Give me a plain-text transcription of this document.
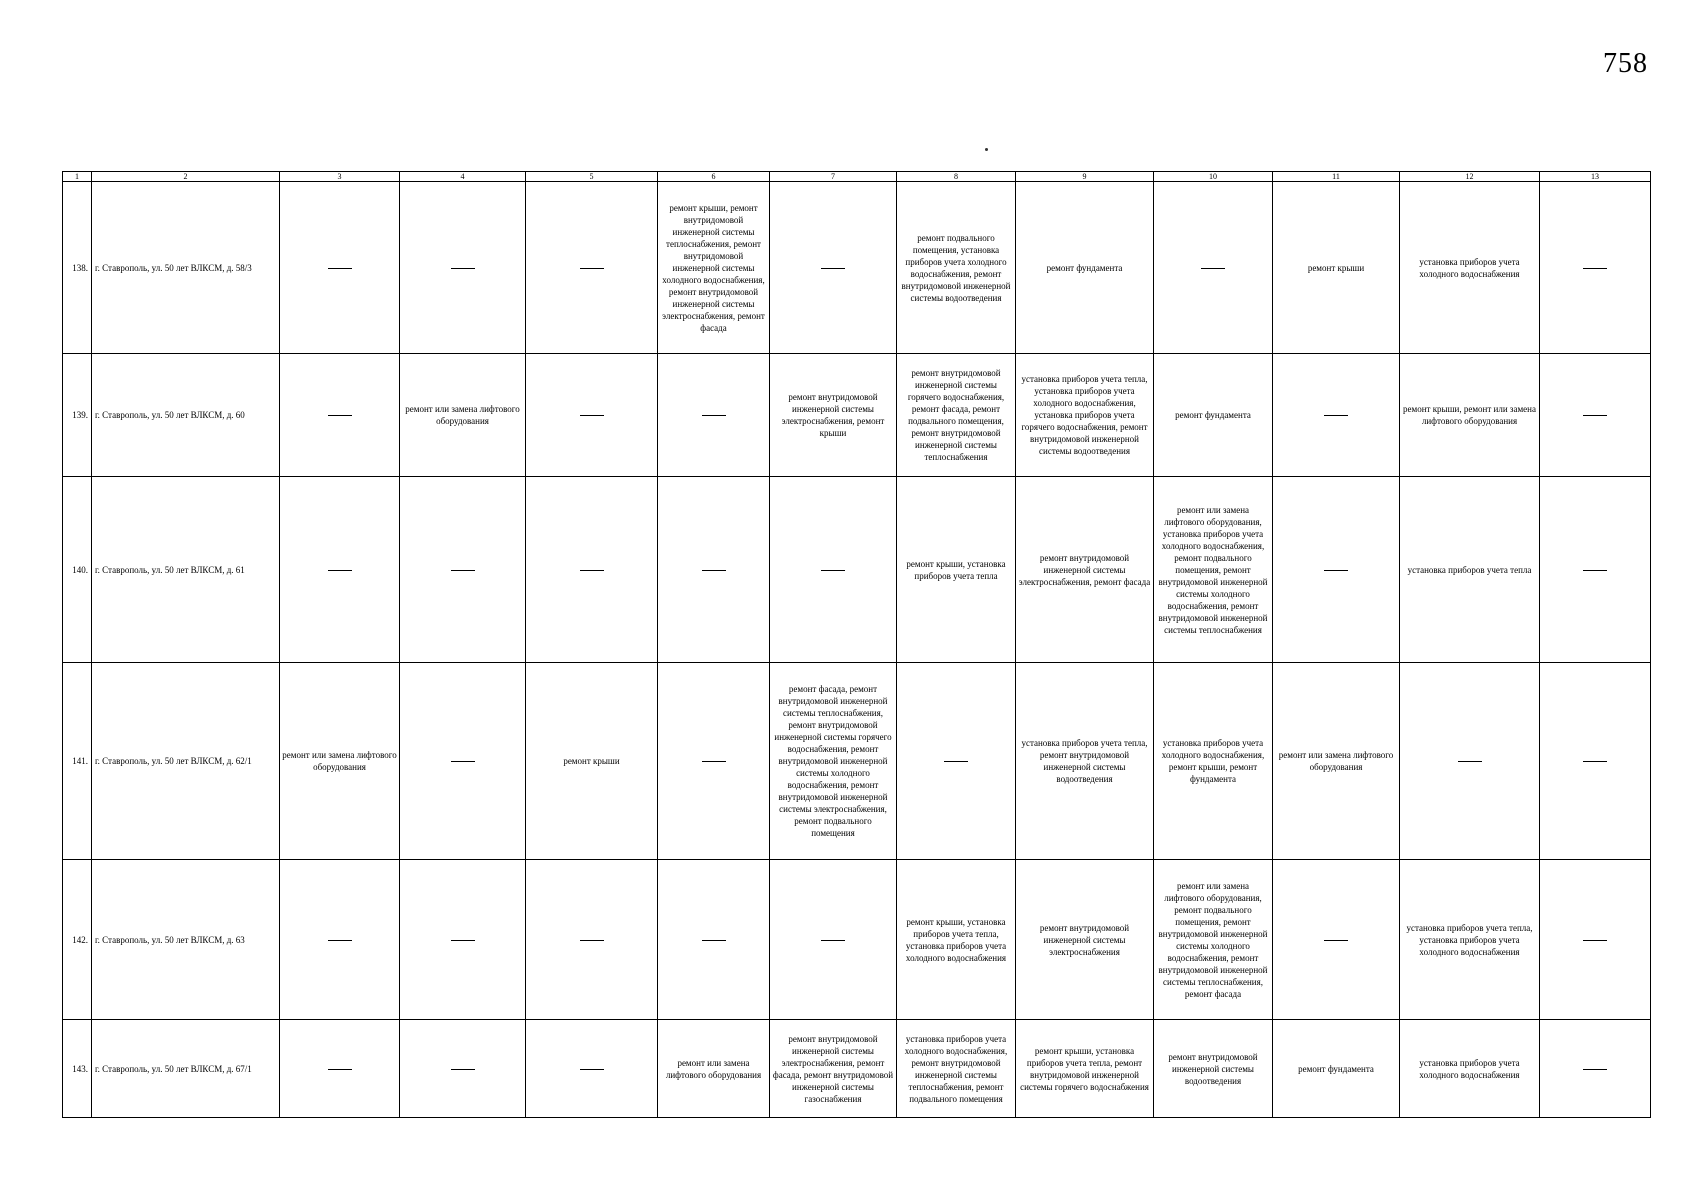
758
1	2	3	4	5	6	7	8	9	10	11	12	13
138.	г. Ставрополь, ул. 50 лет ВЛКСМ, д. 58/3				ремонт крыши, ремонт внутридомовой инженерной системы теплоснабжения, ремонт внутридомовой инженерной системы холодного водоснабжения, ремонт внутридомовой инженерной системы электроснабжения, ремонт фасада		ремонт подвального помещения, установка приборов учета холодного водоснабжения, ремонт внутридомовой инженерной системы водоотведения	ремонт фундамента		ремонт крыши	установка приборов учета холодного водоснабжения	
139.	г. Ставрополь, ул. 50 лет ВЛКСМ, д. 60		ремонт или замена лифтового оборудования			ремонт внутридомовой инженерной системы электроснабжения, ремонт крыши	ремонт внутридомовой инженерной системы горячего водоснабжения, ремонт фасада, ремонт подвального помещения, ремонт внутридомовой инженерной системы теплоснабжения	установка приборов учета тепла, установка приборов учета холодного водоснабжения, установка приборов учета горячего водоснабжения, ремонт внутридомовой инженерной системы водоотведения	ремонт фундамента		ремонт крыши, ремонт или замена лифтового оборудования	
140.	г. Ставрополь, ул. 50 лет ВЛКСМ, д. 61						ремонт крыши, установка приборов учета тепла	ремонт внутридомовой инженерной системы электроснабжения, ремонт фасада	ремонт или замена лифтового оборудования, установка приборов учета холодного водоснабжения, ремонт подвального помещения, ремонт внутридомовой инженерной системы холодного водоснабжения, ремонт внутридомовой инженерной системы теплоснабжения		установка приборов учета тепла	
141.	г. Ставрополь, ул. 50 лет ВЛКСМ, д. 62/1	ремонт или замена лифтового оборудования		ремонт крыши		ремонт фасада, ремонт внутридомовой инженерной системы теплоснабжения, ремонт внутридомовой инженерной системы горячего водоснабжения, ремонт внутридомовой инженерной системы холодного водоснабжения, ремонт внутридомовой инженерной системы электроснабжения, ремонт подвального помещения		установка приборов учета тепла, ремонт внутридомовой инженерной системы водоотведения	установка приборов учета холодного водоснабжения, ремонт крыши, ремонт фундамента	ремонт или замена лифтового оборудования		
142.	г. Ставрополь, ул. 50 лет ВЛКСМ, д. 63						ремонт крыши, установка приборов учета тепла, установка приборов учета холодного водоснабжения	ремонт внутридомовой инженерной системы электроснабжения	ремонт или замена лифтового оборудования, ремонт подвального помещения, ремонт внутридомовой инженерной системы холодного водоснабжения, ремонт внутридомовой инженерной системы теплоснабжения, ремонт фасада		установка приборов учета тепла, установка приборов учета холодного водоснабжения	
143.	г. Ставрополь, ул. 50 лет ВЛКСМ, д. 67/1				ремонт или замена лифтового оборудования	ремонт внутридомовой инженерной системы электроснабжения, ремонт фасада, ремонт внутридомовой инженерной системы газоснабжения	установка приборов учета холодного водоснабжения, ремонт внутридомовой инженерной системы теплоснабжения, ремонт подвального помещения	ремонт крыши, установка приборов учета тепла, ремонт внутридомовой инженерной системы горячего водоснабжения	ремонт внутридомовой инженерной системы водоотведения	ремонт фундамента	установка приборов учета холодного водоснабжения	
